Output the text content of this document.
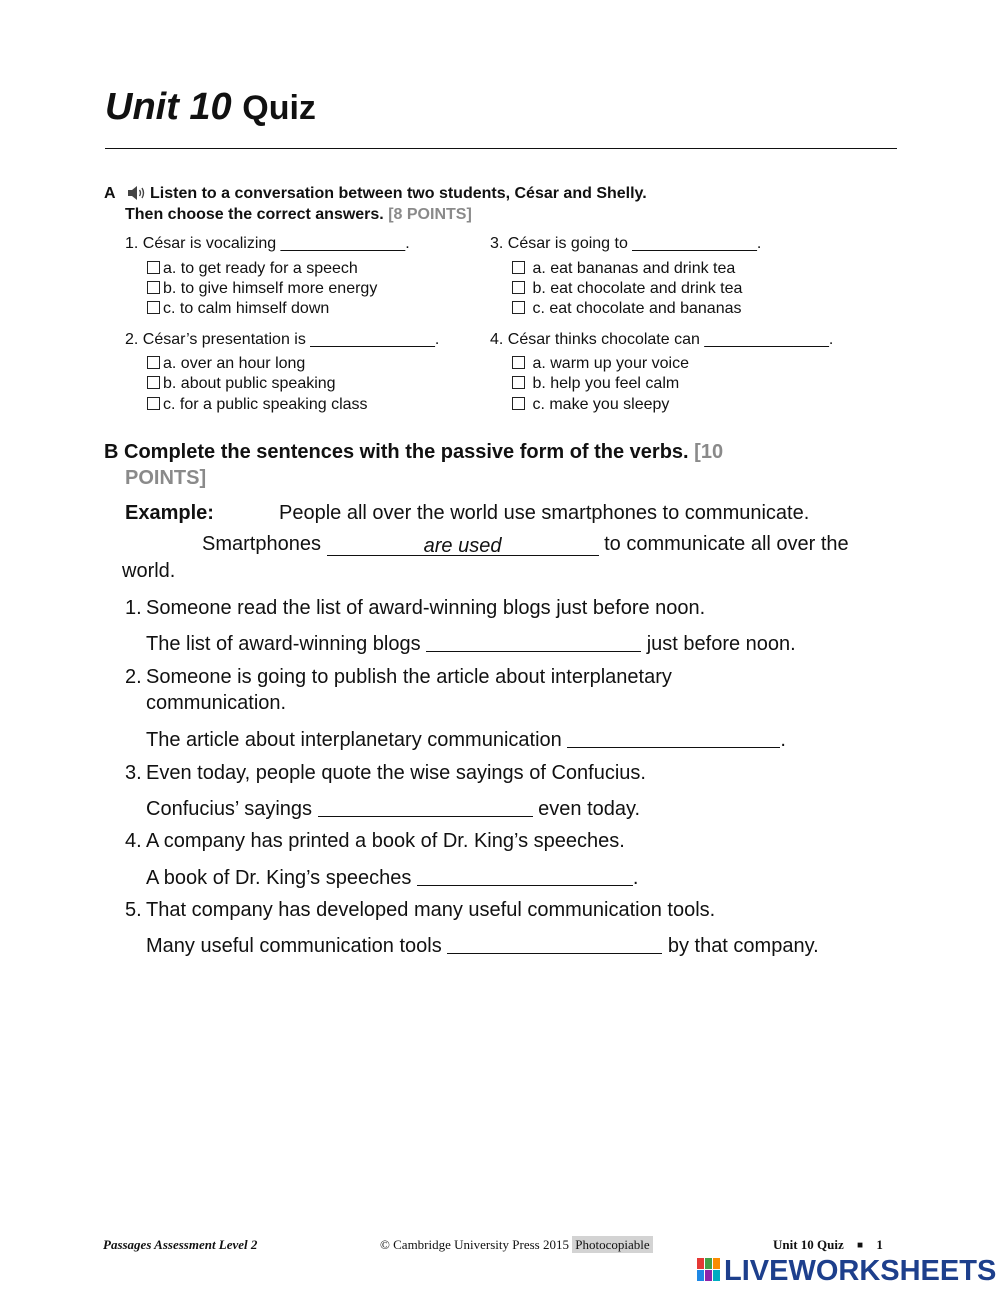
Unit 10 Quiz
A Listen to a conversation between two students, César and Shelly.
Then choose the correct answers. [8 POINTS]
1. César is vocalizing ______________.
a. to get ready for a speech
b. to give himself more energy
c. to calm himself down
2. César’s presentation is ______________.
a. over an hour long
b. about public speaking
c. for a public speaking class
3. César is going to ______________.
a. eat bananas and drink tea
b. eat chocolate and drink tea
c. eat chocolate and bananas
4. César thinks chocolate can ______________.
a. warm up your voice
b. help you feel calm
c. make you sleepy
B Complete the sentences with the passive form of the verbs. [10
POINTS]
Example:	People all over the world use smartphones to communicate.
Smartphones	are used	to communicate all over the
world.
1. Someone read the list of award-winning blogs just before noon.
The list of award-winning blogs	just before noon.
2. Someone is going to publish the article about interplanetary
communication.
The article about interplanetary communication	.
3. Even today, people quote the wise sayings of Confucius.
Confucius’ sayings	even today.
4. A company has printed a book of Dr. King’s speeches.
A book of Dr. King’s speeches	.
5. That company has developed many useful communication tools.
Many useful communication tools	by that company.
Passages Assessment Level 2	© Cambridge University Press 2015 Photocopiable	Unit 10 Quiz ■ 1
LIVEWORKSHEETS
